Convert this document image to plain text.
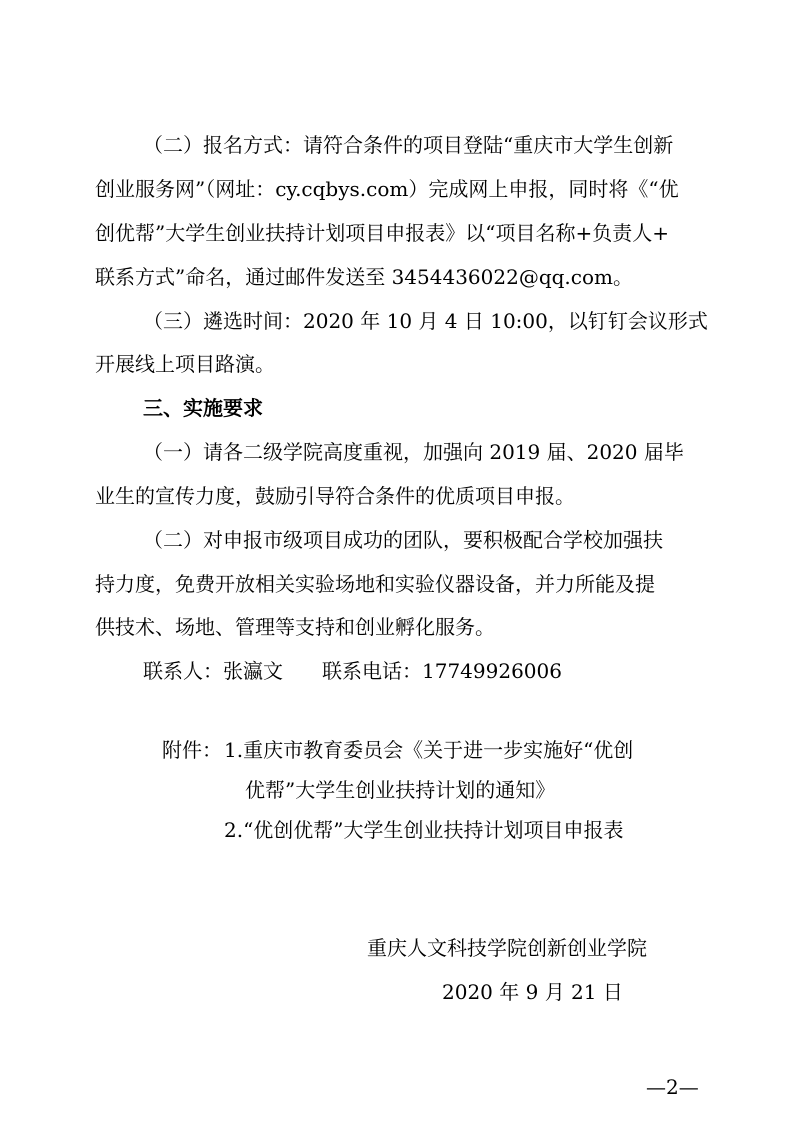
（二）报名方式：请符合条件的项目登陆“重庆市大学生创新
创业服务网”（网址：cy.cqbys.com）完成网上申报，同时将《“优
创优帮”大学生创业扶持计划项目申报表》以“项目名称+负责人+
联系方式”命名，通过邮件发送至 3454436022@qq.com。
（三）遴选时间：2020 年 10 月 4 日 10:00，以钉钉会议形式
开展线上项目路演。
三、实施要求
（一）请各二级学院高度重视，加强向 2019 届、2020 届毕
业生的宣传力度，鼓励引导符合条件的优质项目申报。
（二）对申报市级项目成功的团队，要积极配合学校加强扶
持力度，免费开放相关实验场地和实验仪器设备，并力所能及提
供技术、场地、管理等支持和创业孵化服务。
联系人： 张瀛文 联系电话： 17749926006
附件： 1.重庆市教育委员会《关于进一步实施好“优创
优帮”大学生创业扶持计划的通知》
2.“优创优帮”大学生创业扶持计划项目申报表
重庆人文科技学院创新创业学院
2020 年 9 月 21 日
—2—
